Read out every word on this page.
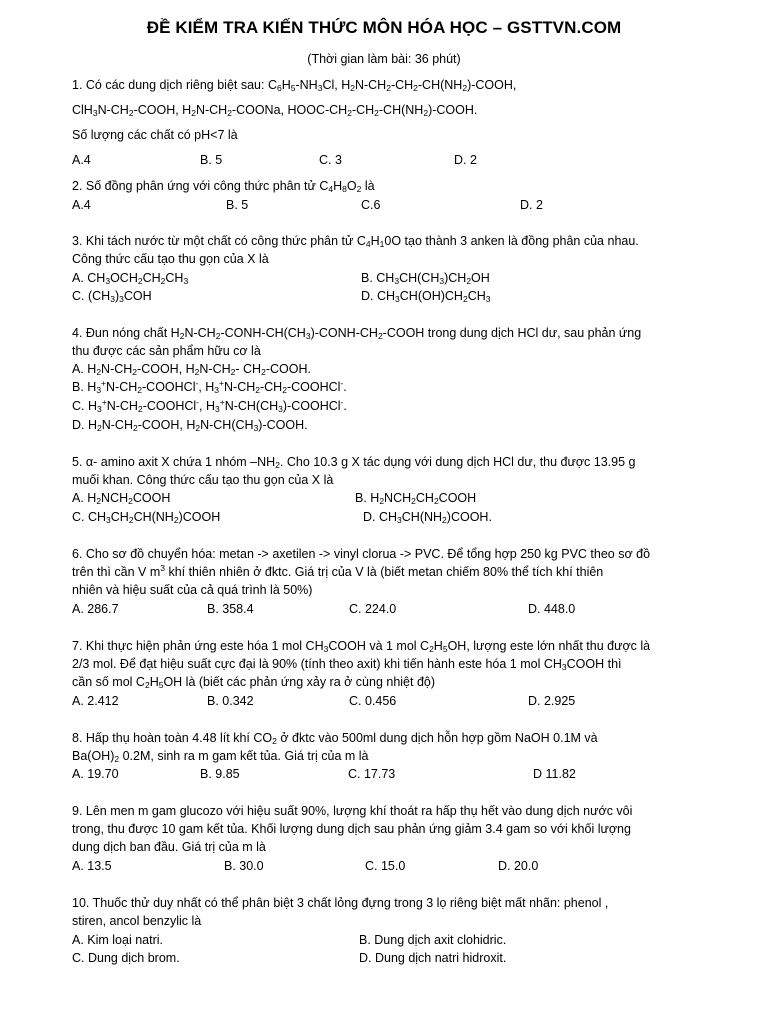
ĐỀ KIỂM TRA KIẾN THỨC MÔN HÓA HỌC – GSTTVN.COM
(Thời gian làm bài: 36 phút)
1. Có các dung dịch riêng biệt sau: $C_6H_5-NH_3Cl$, $H_2N-CH_2-CH_2-CH(NH_2)$-COOH,
$ClH_3N-CH_2$-COOH, $H_2N-CH_2$-COONa, HOOC-$CH_2-CH_2-CH(NH_2)$-COOH.
Số lượng các chất có pH<7 là
A.4	B. 5	C. 3	D. 2
2. Số đồng phân ứng với công thức phân tử $C_4H_8O_2$ là
A.4	B. 5	C.6	D. 2
3. Khi tách nước từ một chất có công thức phân tử $C_4H_10O$ tạo thành 3 anken là đồng phân của nhau.
Công thức cấu tạo thu gọn của X là
A. $CH_3OCH_2CH_2CH_3$	B. $CH_3CH(CH_3)CH_2OH$
C. $(CH_3)_3COH$	D. $CH_3CH(OH)CH_2CH_3$
4. Đun nóng chất $H_2N-CH_2-CONH-CH(CH_3)-CONH-CH_2$-COOH trong dung dịch HCl dư, sau phản ứng
thu được các sản phẩm hữu cơ là
A. $H_2N-CH_2$-COOH, $H_2N-CH_2-$ $CH_2$-COOH.
B. $H_3^+N-CH_2-COOHCl^-$, $H_3^+N-CH_2-CH_2-COOHCl^-$.
C. $H_3^+N-CH_2-COOHCl^-$, $H_3^+N-CH(CH_3)-COOHCl^-$.
D. $H_2N-CH_2$-COOH, $H_2N-CH(CH_3)$-COOH.
5. α- amino axit X chứa 1 nhóm $-NH_2$. Cho 10.3 g X tác dụng với dung dịch HCl dư, thu được 13.95 g
muối khan. Công thức cấu tạo thu gọn của X là
A. $H_2NCH_2COOH$	B. $H_2NCH_2CH_2COOH$
C. $CH_3CH_2CH(NH_2)COOH$	D. $CH_3CH(NH_2)COOH$.
6. Cho sơ đồ chuyển hóa: metan -> axetilen -> vinyl clorua -> PVC. Để tổng hợp 250 kg PVC theo sơ đồ
trên thì cần V $m^3$ khí thiên nhiên ở đktc. Giá trị của V là (biết metan chiếm 80% thể tích khí thiên
nhiên và hiệu suất của cả quá trình là 50%)
A. 286.7	B. 358.4	C. 224.0	D. 448.0
7. Khi thực hiện phản ứng este hóa 1 mol $CH_3COOH$ và 1 mol $C_2H_5OH$, lượng este lớn nhất thu được là
2/3 mol. Để đạt hiệu suất cực đại là 90% (tính theo axit) khi tiến hành este hóa 1 mol $CH_3COOH$ thì
cần số mol $C_2H_5OH$ là (biết các phản ứng xảy ra ở cùng nhiệt độ)
A. 2.412	B. 0.342	C. 0.456	D. 2.925
8. Hấp thụ hoàn toàn 4.48 lít khí $CO_2$ ở đktc vào 500ml dung dịch hỗn hợp gồm NaOH 0.1M và
$Ba(OH)_2$ 0.2M, sinh ra m gam kết tủa. Giá trị của m là
A. 19.70	B. 9.85	C. 17.73	D 11.82
9. Lên men m gam glucozo với hiệu suất 90%, lượng khí thoát ra hấp thụ hết vào dung dịch nước vôi
trong, thu được 10 gam kết tủa. Khối lượng dung dịch sau phản ứng giảm 3.4 gam so với khối lượng
dung dịch ban đầu. Giá trị của m là
A. 13.5	B. 30.0	C. 15.0	D. 20.0
10. Thuốc thử duy nhất có thể phân biệt 3 chất lỏng đựng trong 3 lọ riêng biệt mất nhãn: phenol ,
stiren, ancol benzylic là
A. Kim loại natri.	B. Dung dịch axit clohidric.
C. Dung dịch brom.	D. Dung dịch natri hidroxit.
